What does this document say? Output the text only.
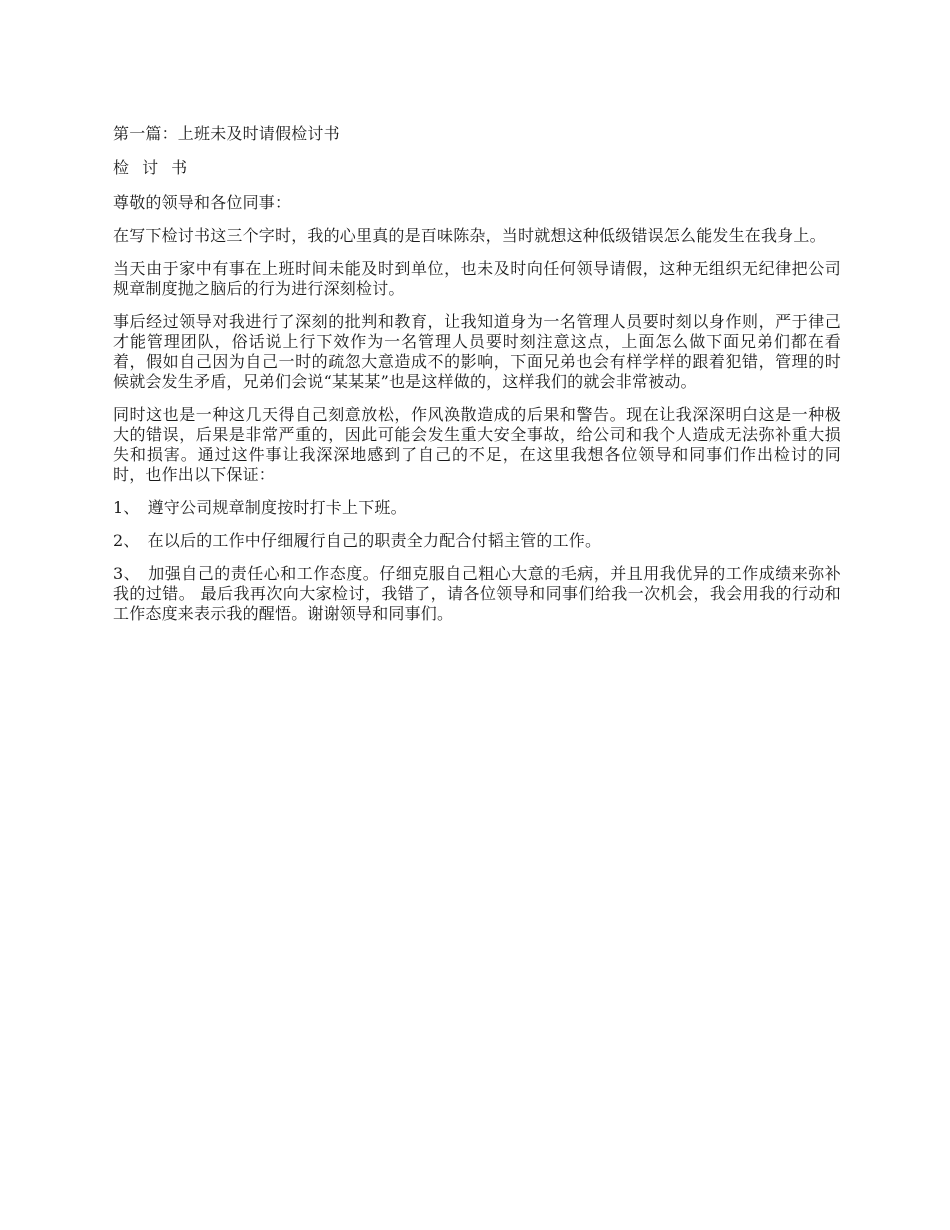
第一篇：上班未及时请假检讨书

检 讨 书

尊敬的领导和各位同事：

在写下检讨书这三个字时，我的心里真的是百味陈杂，当时就想这种低级错误怎么能发生在我身上。

当天由于家中有事在上班时间未能及时到单位，也未及时向任何领导请假，这种无组织无纪律把公司规章制度抛之脑后的行为进行深刻检讨。

事后经过领导对我进行了深刻的批判和教育，让我知道身为一名管理人员要时刻以身作则，严于律己才能管理团队，俗话说上行下效作为一名管理人员要时刻注意这点，上面怎么做下面兄弟们都在看着，假如自己因为自己一时的疏忽大意造成不的影响，下面兄弟也会有样学样的跟着犯错，管理的时候就会发生矛盾，兄弟们会说“某某某”也是这样做的，这样我们的就会非常被动。

同时这也是一种这几天得自己刻意放松，作风涣散造成的后果和警告。现在让我深深明白这是一种极大的错误，后果是非常严重的，因此可能会发生重大安全事故，给公司和我个人造成无法弥补重大损失和损害。通过这件事让我深深地感到了自己的不足，在这里我想各位领导和同事们作出检讨的同时，也作出以下保证：

1、 遵守公司规章制度按时打卡上下班。

2、 在以后的工作中仔细履行自己的职责全力配合付韬主管的工作。

3、 加强自己的责任心和工作态度。仔细克服自己粗心大意的毛病，并且用我优异的工作成绩来弥补我的过错。 最后我再次向大家检讨，我错了，请各位领导和同事们给我一次机会，我会用我的行动和工作态度来表示我的醒悟。谢谢领导和同事们。
